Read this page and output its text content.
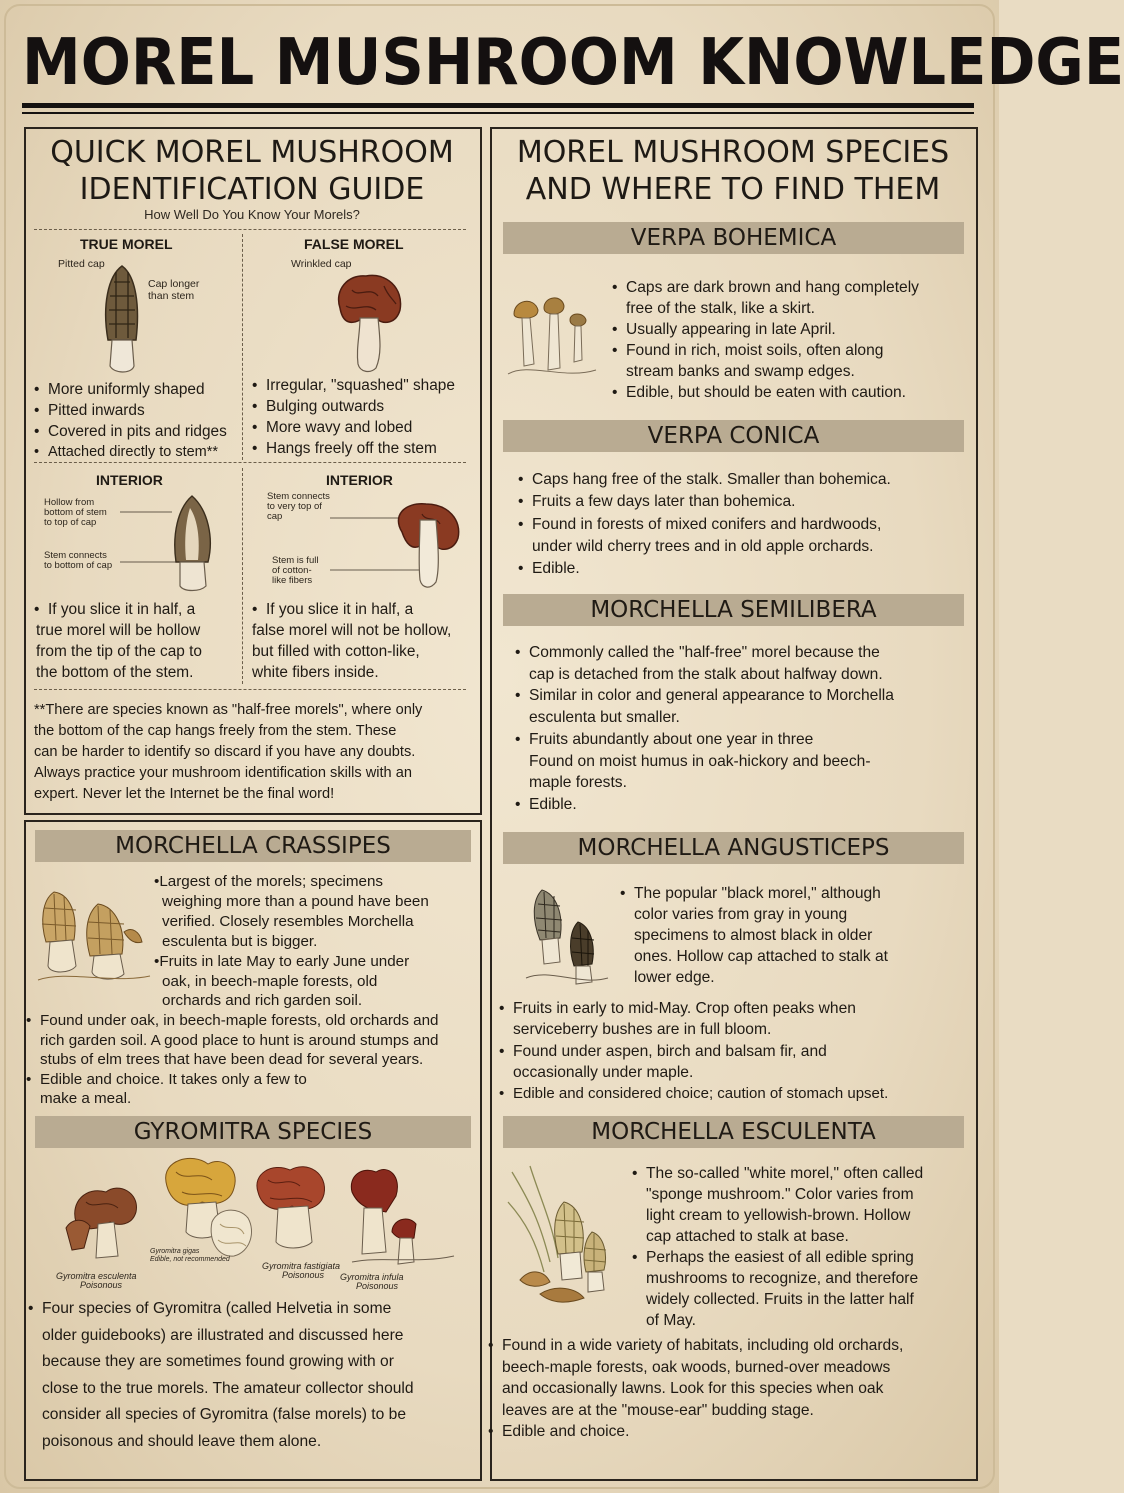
MOREL MUSHROOM KNOWLEDGE
QUICK MOREL MUSHROOM
IDENTIFICATION GUIDE
How Well Do You Know Your Morels?
TRUE MOREL
Pitted cap
Cap longer
than stem
• More uniformly shaped
• Pitted inwards
• Covered in pits and ridges
• Attached directly to stem**
FALSE MOREL
Wrinkled cap
• Irregular, "squashed" shape
• Bulging outwards
• More wavy and lobed
• Hangs freely off the stem
INTERIOR
Hollow from
bottom of stem
to top of cap
Stem connects
to bottom of cap
• If you slice it in half, a
true morel will be hollow
from the tip of the cap to
the bottom of the stem.
INTERIOR
Stem connects
to very top of
cap
Stem is full
of cotton-
like fibers
• If you slice it in half, a
false morel will not be hollow,
but filled with cotton-like,
white fibers inside.
**There are species known as "half-free morels", where only
the bottom of the cap hangs freely from the stem. These
can be harder to identify so discard if you have any doubts.
Always practice your mushroom identification skills with an
expert. Never let the Internet be the final word!
MOREL MUSHROOM SPECIES
AND WHERE TO FIND THEM
VERPA BOHEMICA
• Caps are dark brown and hang completely
free of the stalk, like a skirt.
• Usually appearing in late April.
• Found in rich, moist soils, often along
stream banks and swamp edges.
• Edible, but should be eaten with caution.
VERPA CONICA
• Caps hang free of the stalk. Smaller than bohemica.
• Fruits a few days later than bohemica.
• Found in forests of mixed conifers and hardwoods,
under wild cherry trees and in old apple orchards.
• Edible.
MORCHELLA SEMILIBERA
• Commonly called the "half-free" morel because the
cap is detached from the stalk about halfway down.
• Similar in color and general appearance to Morchella
esculenta but smaller.
• Fruits abundantly about one year in three
Found on moist humus in oak-hickory and beech-
maple forests.
• Edible.
MORCHELLA ANGUSTICEPS
• The popular "black morel," although
color varies from gray in young
specimens to almost black in older
ones. Hollow cap attached to stalk at
lower edge.
• Fruits in early to mid-May. Crop often peaks when
serviceberry bushes are in full bloom.
• Found under aspen, birch and balsam fir, and
occasionally under maple.
• Edible and considered choice; caution of stomach upset.
MORCHELLA ESCULENTA
• The so-called "white morel," often called
"sponge mushroom." Color varies from
light cream to yellowish-brown. Hollow
cap attached to stalk at base.
• Perhaps the easiest of all edible spring
mushrooms to recognize, and therefore
widely collected. Fruits in the latter half
of May.
• Found in a wide variety of habitats, including old orchards,
beech-maple forests, oak woods, burned-over meadows
and occasionally lawns. Look for this species when oak
leaves are at the "mouse-ear" budding stage.
• Edible and choice.
MORCHELLA CRASSIPES
•Largest of the morels; specimens
weighing more than a pound have been
verified. Closely resembles Morchella
esculenta but is bigger.
•Fruits in late May to early June under
oak, in beech-maple forests, old
orchards and rich garden soil.
• Found under oak, in beech-maple forests, old orchards and
rich garden soil. A good place to hunt is around stumps and
stubs of elm trees that have been dead for several years.
• Edible and choice. It takes only a few to
make a meal.
GYROMITRA SPECIES
Gyromitra esculenta
Poisonous
Gyromitra gigas
Edible, not recommended
Gyromitra fastigiata
Poisonous	Gyromitra infula
Poisonous
• Four species of Gyromitra (called Helvetia in some
older guidebooks) are illustrated and discussed here
because they are sometimes found growing with or
close to the true morels. The amateur collector should
consider all species of Gyromitra (false morels) to be
poisonous and should leave them alone.
